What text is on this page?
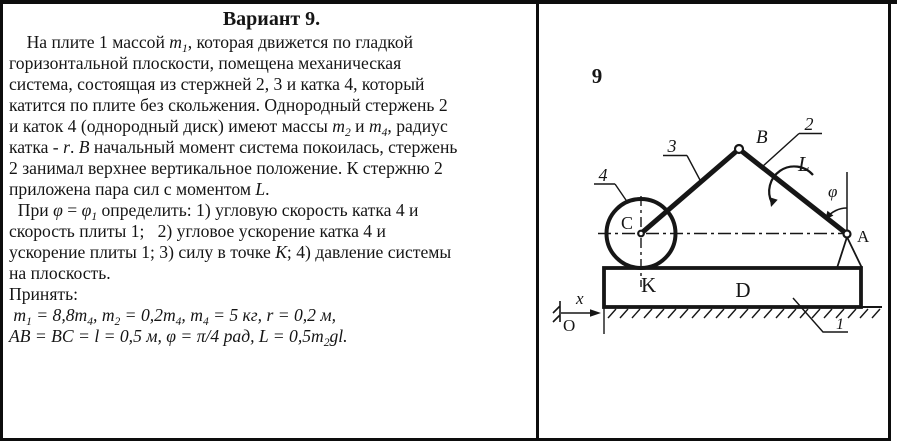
Вариант 9.
На плите 1 массой $m_1$, которая движется по гладкой
горизонтальной плоскости, помещена механическая
система, состоящая из стержней 2, 3 и катка 4, который
катится по плите без скольжения. Однородный стержень 2
и каток 4 (однородный диск) имеют массы $m_2$ и $m_4$, радиус
катка - r. В начальный момент система покоилась, стержень
2 занимал верхнее вертикальное положение. К стержню 2
приложена пара сил с моментом L.
При $\varphi = \varphi_1$ определить: 1) угловую скорость катка 4 и
скорость плиты 1;   2) угловое ускорение катка 4 и
ускорение плиты 1; 3) силу в точке К; 4) давление системы
на плоскость.
Принять:
$m_1 = 8,8m_4$, $m_2 = 0,2m_4$, $m_4 = 5$ кг, r = 0,2 м,
AB = BC = l = 0,5 м, φ = π/4 рад, $L = 0,5m_2gl$.
9
B
C
A
K	D
L
φ
x
O
2
3
4
1
